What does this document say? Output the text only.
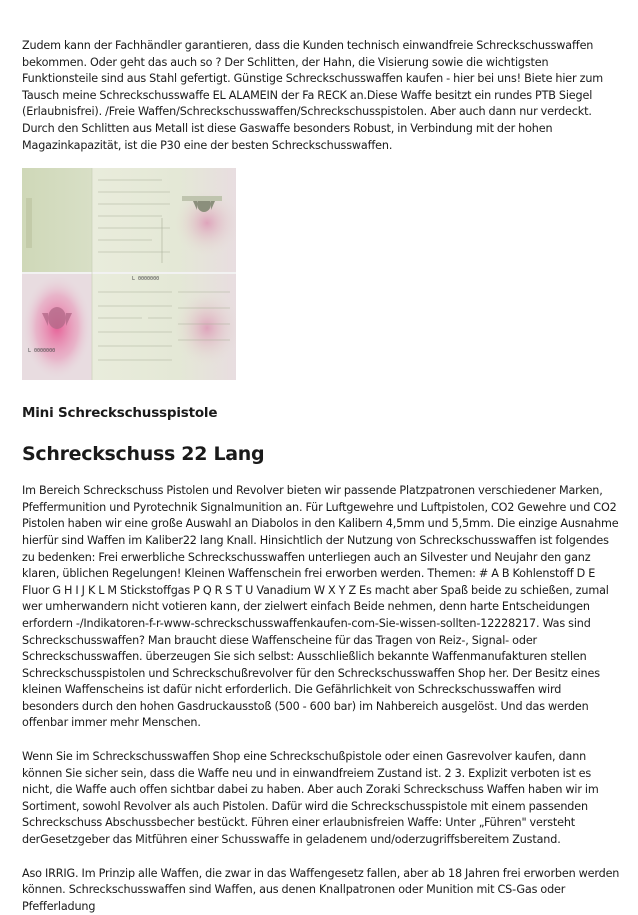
Zudem kann der Fachhändler garantieren, dass die Kunden technisch einwandfreie Schreckschusswaffen bekommen. Oder geht das auch so ? Der Schlitten, der Hahn, die Visierung sowie die wichtigsten Funktionsteile sind aus Stahl gefertigt. Günstige Schreckschusswaffen kaufen - hier bei uns! Biete hier zum Tausch meine Schreckschusswaffe EL ALAMEIN der Fa RECK an.Diese Waffe besitzt ein rundes PTB Siegel (Erlaubnisfrei). /Freie Waffen/Schreckschusswaffen/Schreckschusspistolen. Aber auch dann nur verdeckt. Durch den Schlitten aus Metall ist diese Gaswaffe besonders Robust, in Verbindung mit der hohen Magazinkapazität, ist die P30 eine der besten Schreckschusswaffen.

L 0000000
L 0000000
Mini Schreckschusspistole
Schreckschuss 22 Lang

Im Bereich Schreckschuss Pistolen und Revolver bieten wir passende Platzpatronen verschiedener Marken, Pfeffermunition und Pyrotechnik Signalmunition an. Für Luftgewehre und Luftpistolen, CO2 Gewehre und CO2 Pistolen haben wir eine große Auswahl an Diabolos in den Kalibern 4,5mm und 5,5mm. Die einzige Ausnahme hierfür sind Waffen im Kaliber22 lang Knall. Hinsichtlich der Nutzung von Schreckschusswaffen ist folgendes zu bedenken: Frei erwerbliche Schreckschusswaffen unterliegen auch an Silvester und Neujahr den ganz klaren, üblichen Regelungen! Kleinen Waffenschein frei erworben werden. Themen: # A B Kohlenstoff D E Fluor G H I J K L M Stickstoffgas P Q R S T U Vanadium W X Y Z Es macht aber Spaß beide zu schießen, zumal wer umherwandern nicht votieren kann, der zielwert einfach Beide nehmen, denn harte Entscheidungen erfordern -/Indikatoren-f-r-www-schreckschusswaffenkaufen-com-Sie-wissen-sollten-12228217. Was sind Schreckschusswaffen? Man braucht diese Waffenscheine für das Tragen von Reiz-, Signal- oder Schreckschusswaffen. überzeugen Sie sich selbst: Ausschließlich bekannte Waffenmanufakturen stellen Schreckschusspistolen und Schreckschußrevolver für den Schreckschusswaffen Shop her. Der Besitz eines kleinen Waffenscheins ist dafür nicht erforderlich. Die Gefährlichkeit von Schreckschusswaffen wird besonders durch den hohen Gasdruckausstoß (500 - 600 bar) im Nahbereich ausgelöst. Und das werden offenbar immer mehr Menschen.

Wenn Sie im Schreckschusswaffen Shop eine Schreckschußpistole oder einen Gasrevolver kaufen, dann können Sie sicher sein, dass die Waffe neu und in einwandfreiem Zustand ist. 2 3. Explizit verboten ist es nicht, die Waffe auch offen sichtbar dabei zu haben. Aber auch Zoraki Schreckschuss Waffen haben wir im Sortiment, sowohl Revolver als auch Pistolen. Dafür wird die Schreckschusspistole mit einem passenden Schreckschuss Abschussbecher bestückt. Führen einer erlaubnisfreien Waffe: Unter „Führen" versteht derGesetzgeber das Mitführen einer Schusswaffe in geladenem und/oderzugriffsbereitem Zustand.

Aso IRRIG. Im Prinzip alle Waffen, die zwar in das Waffengesetz fallen, aber ab 18 Jahren frei erworben werden können. Schreckschusswaffen sind Waffen, aus denen Knallpatronen oder Munition mit CS-Gas oder Pfefferladung
